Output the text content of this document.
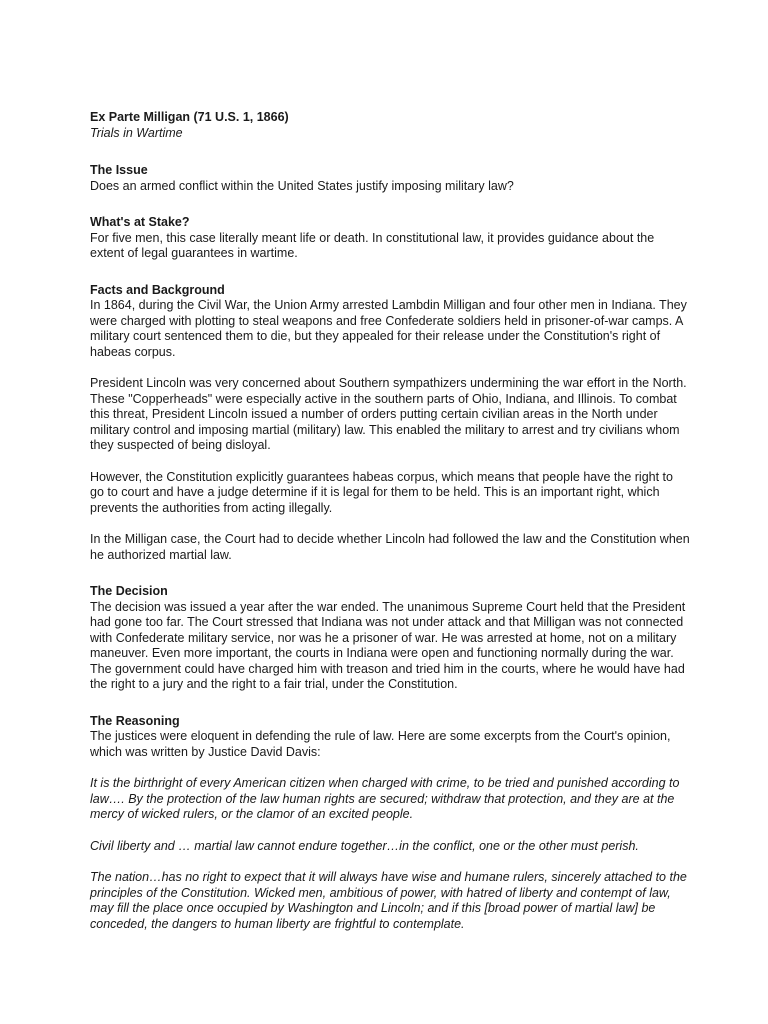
Ex Parte Milligan (71 U.S. 1, 1866)

Trials in Wartime

The Issue

Does an armed conflict within the United States justify imposing military law?

What's at Stake?

For five men, this case literally meant life or death. In constitutional law, it provides guidance about the extent of legal guarantees in wartime.

Facts and Background

In 1864, during the Civil War, the Union Army arrested Lambdin Milligan and four other men in Indiana. They were charged with plotting to steal weapons and free Confederate soldiers held in prisoner-of-war camps. A military court sentenced them to die, but they appealed for their release under the Constitution's right of habeas corpus.

President Lincoln was very concerned about Southern sympathizers undermining the war effort in the North. These "Copperheads" were especially active in the southern parts of Ohio, Indiana, and Illinois. To combat this threat, President Lincoln issued a number of orders putting certain civilian areas in the North under military control and imposing martial (military) law. This enabled the military to arrest and try civilians whom they suspected of being disloyal.

However, the Constitution explicitly guarantees habeas corpus, which means that people have the right to go to court and have a judge determine if it is legal for them to be held. This is an important right, which prevents the authorities from acting illegally.

In the Milligan case, the Court had to decide whether Lincoln had followed the law and the Constitution when he authorized martial law.

The Decision

The decision was issued a year after the war ended. The unanimous Supreme Court held that the President had gone too far. The Court stressed that Indiana was not under attack and that Milligan was not connected with Confederate military service, nor was he a prisoner of war. He was arrested at home, not on a military maneuver. Even more important, the courts in Indiana were open and functioning normally during the war. The government could have charged him with treason and tried him in the courts, where he would have had the right to a jury and the right to a fair trial, under the Constitution.

The Reasoning

The justices were eloquent in defending the rule of law. Here are some excerpts from the Court's opinion, which was written by Justice David Davis:

It is the birthright of every American citizen when charged with crime, to be tried and punished according to law…. By the protection of the law human rights are secured; withdraw that protection, and they are at the mercy of wicked rulers, or the clamor of an excited people.

Civil liberty and … martial law cannot endure together…in the conflict, one or the other must perish.

The nation…has no right to expect that it will always have wise and humane rulers, sincerely attached to the principles of the Constitution. Wicked men, ambitious of power, with hatred of liberty and contempt of law, may fill the place once occupied by Washington and Lincoln; and if this [broad power of martial law] be conceded, the dangers to human liberty are frightful to contemplate.
